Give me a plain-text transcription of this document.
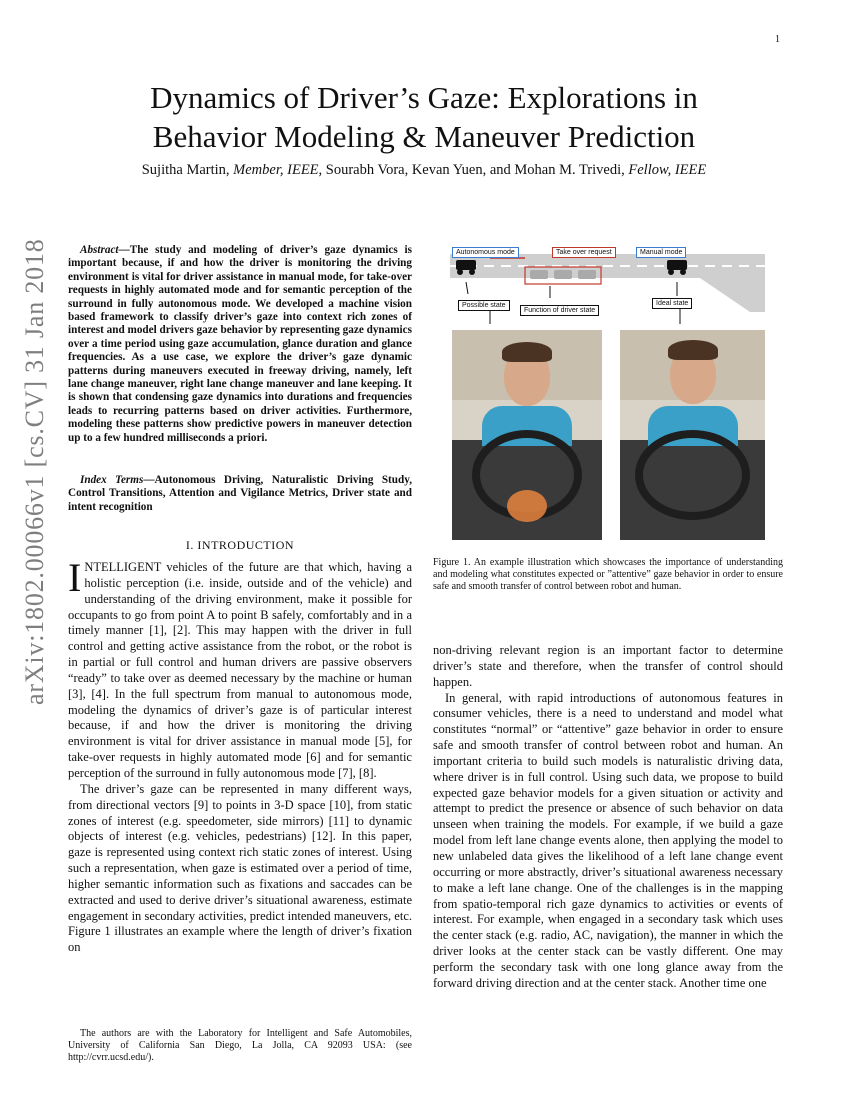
1
arXiv:1802.00066v1 [cs.CV] 31 Jan 2018
Dynamics of Driver’s Gaze: Explorations in
Behavior Modeling & Maneuver Prediction
Sujitha Martin, Member, IEEE, Sourabh Vora, Kevan Yuen, and Mohan M. Trivedi, Fellow, IEEE
Abstract—The study and modeling of driver’s gaze dynamics is important because, if and how the driver is monitoring the driving environment is vital for driver assistance in manual mode, for take-over requests in highly automated mode and for semantic perception of the surround in fully autonomous mode. We developed a machine vision based framework to classify driver’s gaze into context rich zones of interest and model drivers gaze behavior by representing gaze dynamics over a time period using gaze accumulation, glance duration and glance frequencies. As a use case, we explore the driver’s gaze dynamic patterns during maneuvers executed in freeway driving, namely, left lane change maneuver, right lane change maneuver and lane keeping. It is shown that condensing gaze dynamics into durations and frequencies leads to recurring patterns based on driver activities. Furthermore, modeling these patterns show predictive powers in maneuver detection up to a few hundred milliseconds a priori.
Index Terms—Autonomous Driving, Naturalistic Driving Study, Control Transitions, Attention and Vigilance Metrics, Driver state and intent recognition
I. INTRODUCTION

INTELLIGENT vehicles of the future are that which, having a holistic perception (i.e. inside, outside and of the vehicle) and understanding of the driving environment, make it possible for occupants to go from point A to point B safely, comfortably and in a timely manner [1], [2]. This may happen with the driver in full control and getting active assistance from the robot, or the robot is in partial or full control and human drivers are passive observers “ready” to take over as deemed necessary by the machine or human [3], [4]. In the full spectrum from manual to autonomous mode, modeling the dynamics of driver’s gaze is of particular interest because, if and how the driver is monitoring the driving environment is vital for driver assistance in manual mode [5], for take-over requests in highly automated mode [6] and for semantic perception of the surround in fully autonomous mode [7], [8].

The driver’s gaze can be represented in many different ways, from directional vectors [9] to points in 3-D space [10], from static zones of interest (e.g. speedometer, side mirrors) [11] to dynamic objects of interest (e.g. vehicles, pedestrians) [12]. In this paper, gaze is represented using context rich static zones of interest. Using such a representation, when gaze is estimated over a period of time, higher semantic information such as fixations and saccades can be extracted and used to derive driver’s situational awareness, estimate engagement in secondary activities, predict intended maneuvers, etc. Figure 1 illustrates an example where the length of driver’s fixation on

The authors are with the Laboratory for Intelligent and Safe Automobiles, University of California San Diego, La Jolla, CA 92093 USA: (see http://cvrr.ucsd.edu/).
Autonomous mode	Take over request	Manual mode
Possible state
Function of driver state
Ideal state
Figure 1. An example illustration which showcases the importance of understanding and modeling what constitutes expected or ”attentive” gaze behavior in order to ensure safe and smooth transfer of control between robot and human.

non-driving relevant region is an important factor to determine driver’s state and therefore, when the transfer of control should happen.

In general, with rapid introductions of autonomous features in consumer vehicles, there is a need to understand and model what constitutes “normal” or “attentive” gaze behavior in order to ensure safe and smooth transfer of control between robot and human. An important criteria to build such models is naturalistic driving data, where driver is in full control. Using such data, we propose to build expected gaze behavior models for a given situation or activity and attempt to predict the presence or absence of such behavior on data unseen when training the models. For example, if we build a gaze model from left lane change events alone, then applying the model to new unlabeled data gives the likelihood of a left lane change event occurring or more abstractly, driver’s situational awareness necessary to make a left lane change. One of the challenges is in the mapping from spatio-temporal rich gaze dynamics to activities or events of interest. For example, when engaged in a secondary task which uses the center stack (e.g. radio, AC, navigation), the manner in which the driver looks at the center stack can be vastly different. One may perform the secondary task with one long glance away from the forward driving direction and at the center stack. Another time one
